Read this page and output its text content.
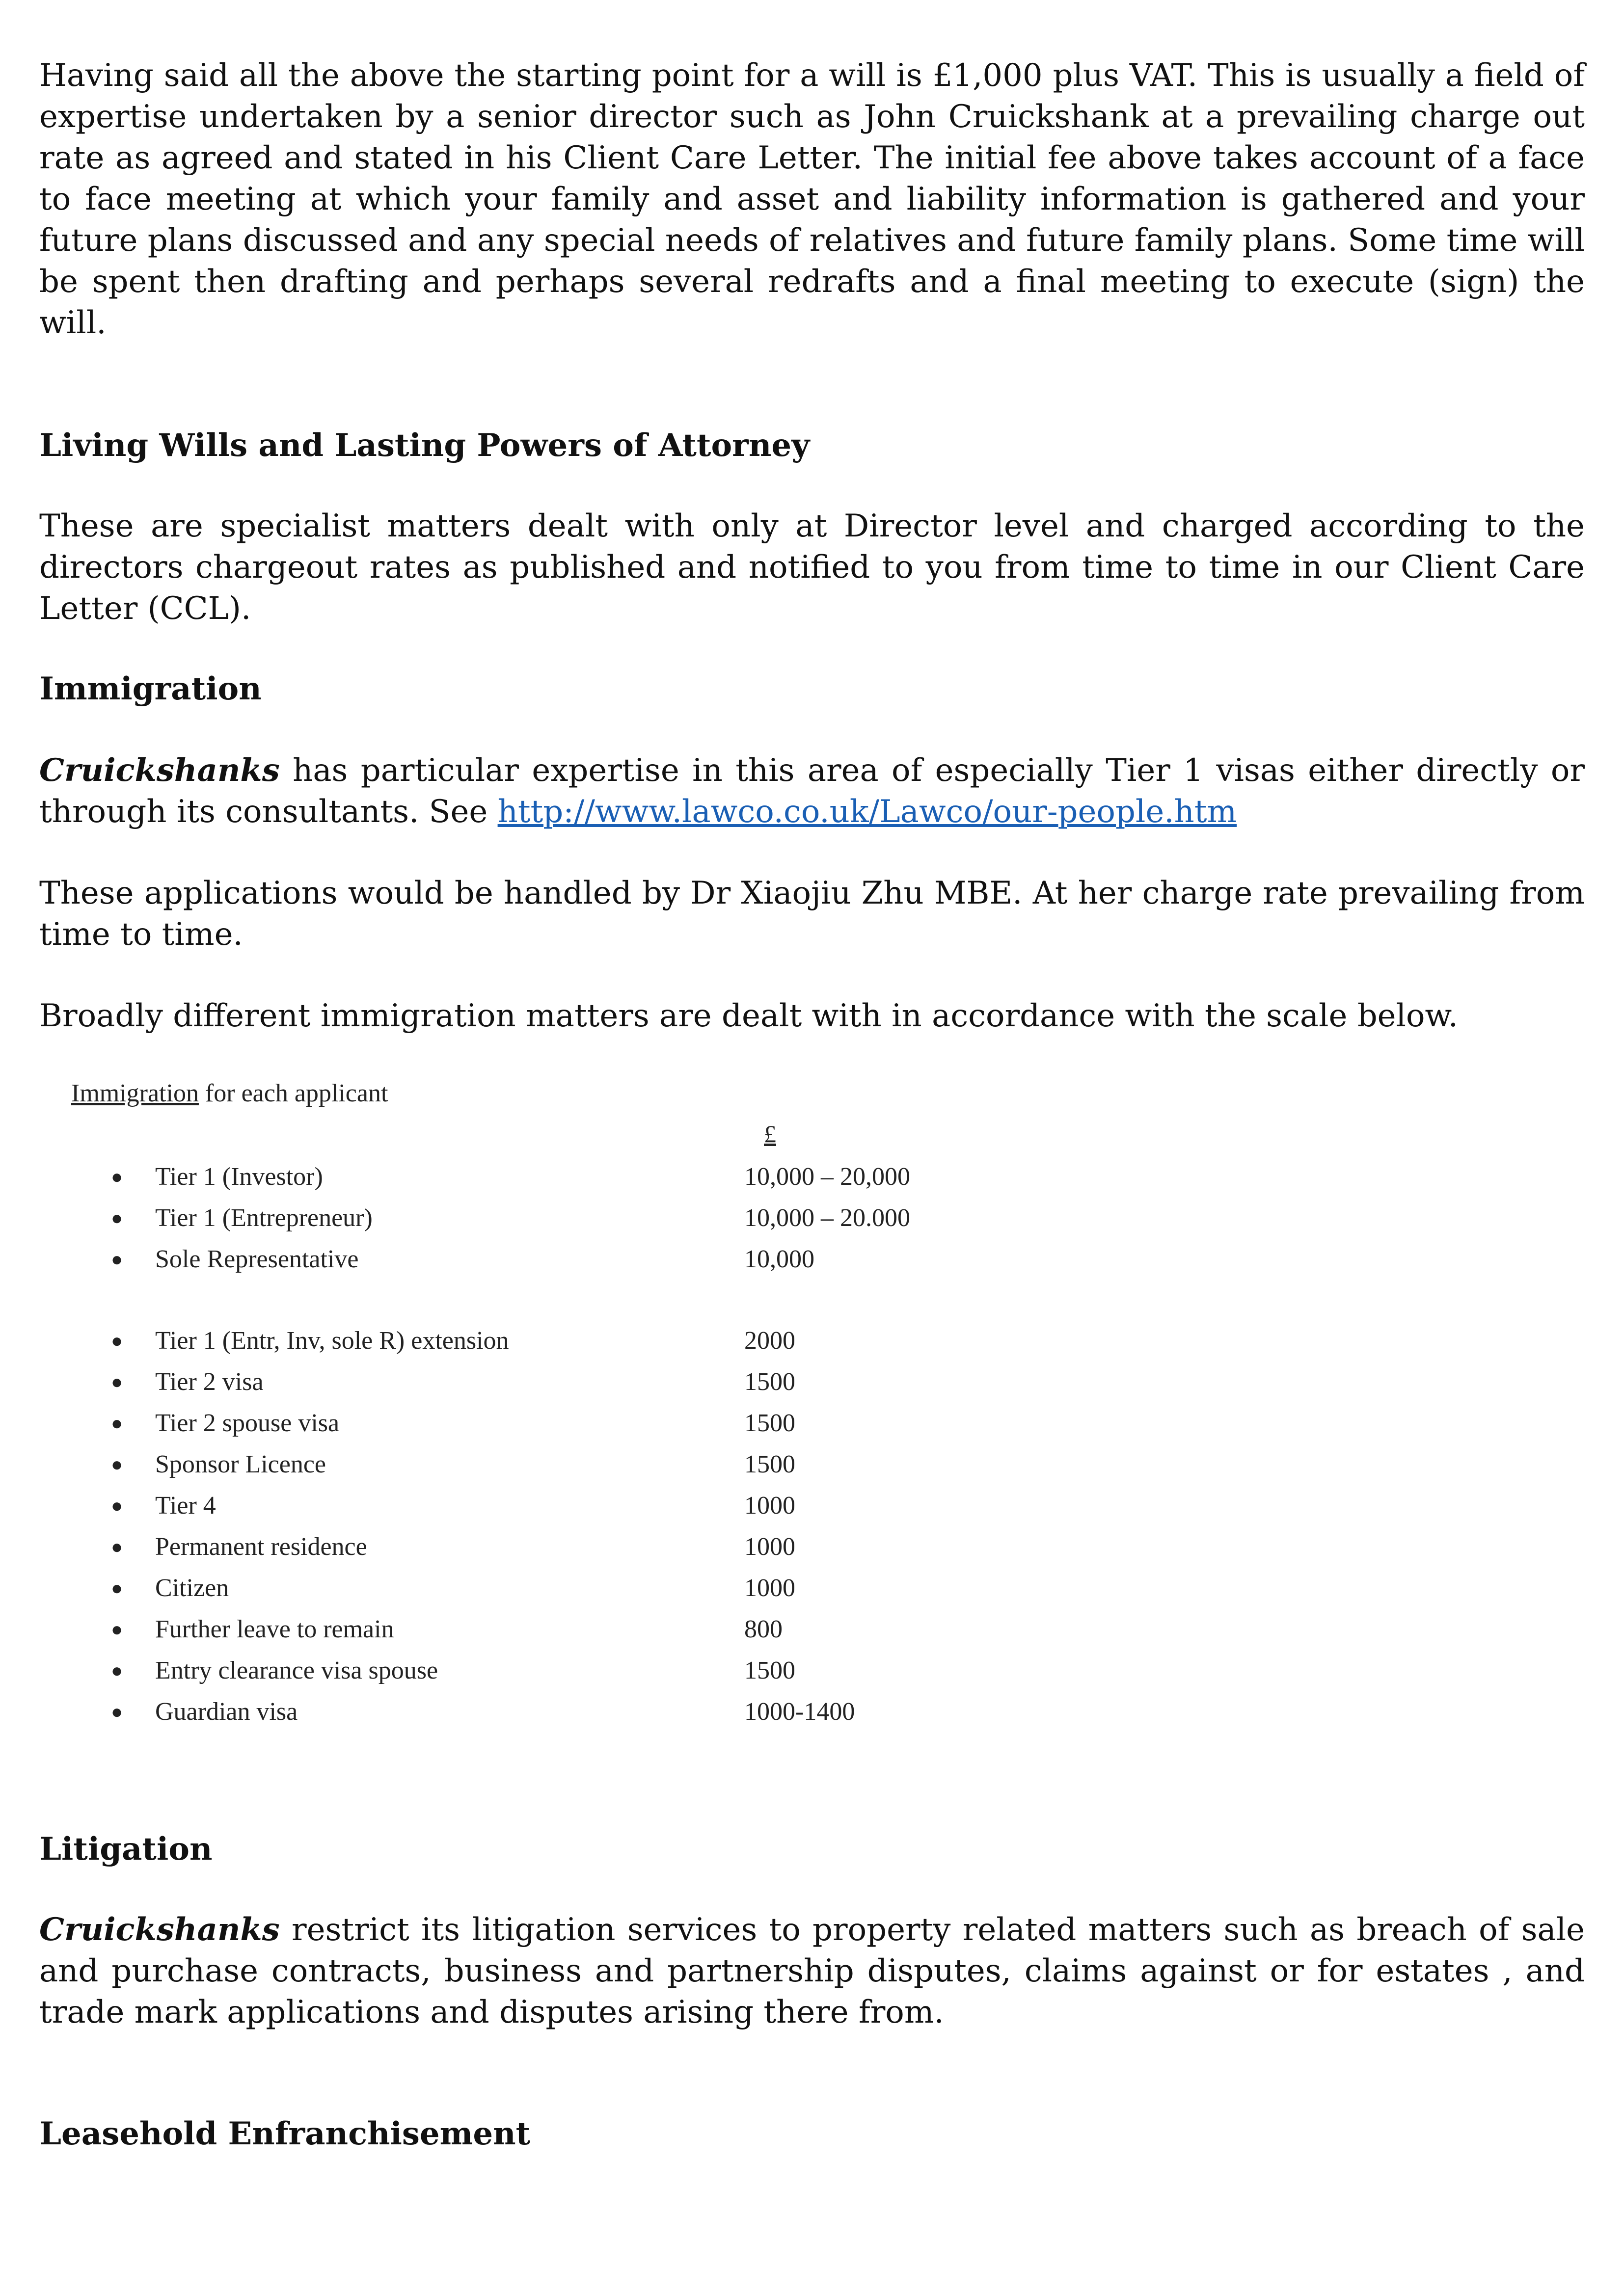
Having said all the above the starting point for a will is £1,000 plus VAT. This is usually a field of expertise undertaken by a senior director such as John Cruickshank at a prevailing charge out rate as agreed and stated in his Client Care Letter. The initial fee above takes account of a face to face meeting at which your family and asset and liability information is gathered and your future plans discussed and any special needs of relatives and future family plans. Some time will be spent then drafting and perhaps several redrafts and a final meeting to execute (sign) the will.

Living Wills and Lasting Powers of Attorney

These are specialist matters dealt with only at Director level and charged according to the directors chargeout rates as published and notified to you from time to time in our Client Care Letter (CCL).

Immigration

Cruickshanks has particular expertise in this area of especially Tier 1 visas either directly or through its consultants. See http://www.lawco.co.uk/Lawco/our-people.htm

These applications would be handled by Dr Xiaojiu Zhu MBE. At her charge rate prevailing from time to time.

Broadly different immigration matters are dealt with in accordance with the scale below.

Immigration for each applicant
£
● Tier 1 (Investor)	10,000 – 20,000
● Tier 1 (Entrepreneur)	10,000 – 20.000
● Sole Representative	10,000
● Tier 1 (Entr, Inv, sole R) extension	2000
● Tier 2 visa	1500
● Tier 2 spouse visa	1500
● Sponsor Licence	1500
● Tier 4	1000
● Permanent residence	1000
● Citizen	1000
● Further leave to remain	800
● Entry clearance visa spouse	1500
● Guardian visa	1000-1400
Litigation

Cruickshanks restrict its litigation services to property related matters such as breach of sale and purchase contracts, business and partnership disputes, claims against or for estates , and trade mark applications and disputes arising there from.

Leasehold Enfranchisement
